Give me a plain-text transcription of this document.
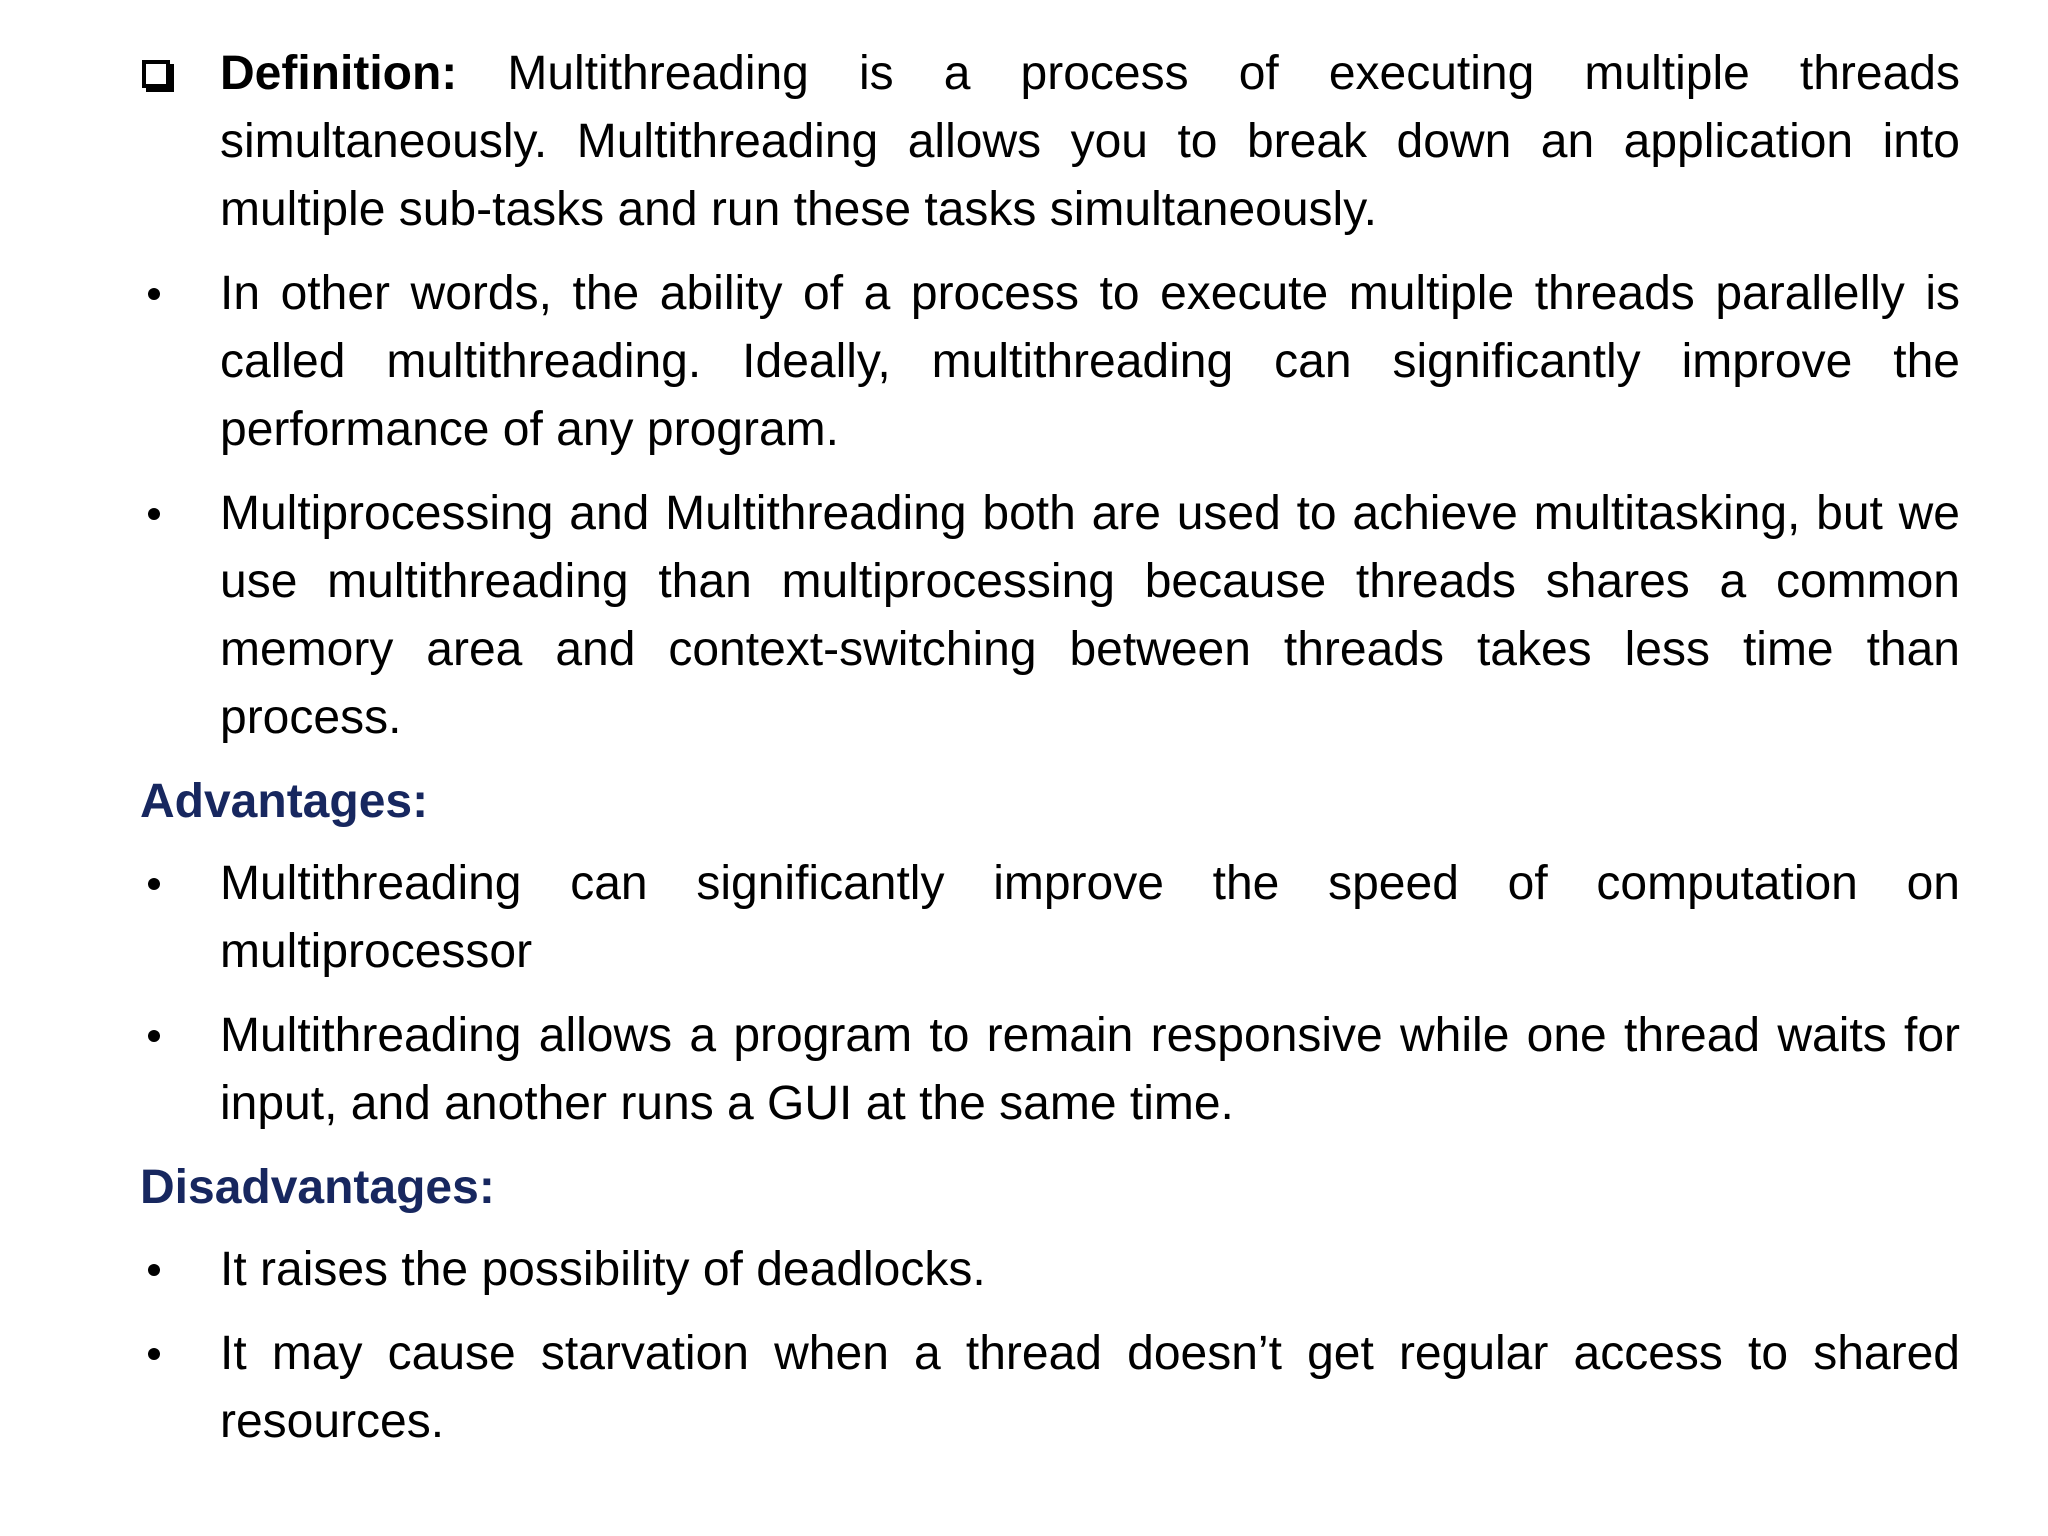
Definition: Multithreading is a process of executing multiple threads simultaneously. Multithreading allows you to break down an application into multiple sub-tasks and run these tasks simultaneously.
In other words, the ability of a process to execute multiple threads parallelly is called multithreading. Ideally, multithreading can significantly improve the performance of any program.
Multiprocessing and Multithreading both are used to achieve multitasking, but we use multithreading than multiprocessing because threads shares a common memory area and context-switching between threads takes less time than process.
Advantages:
Multithreading can significantly improve the speed of computation on multiprocessor
Multithreading allows a program to remain responsive while one thread waits for input, and another runs a GUI at the same time.
Disadvantages:
It raises the possibility of deadlocks.
It may cause starvation when a thread doesn’t get regular access to shared resources.
